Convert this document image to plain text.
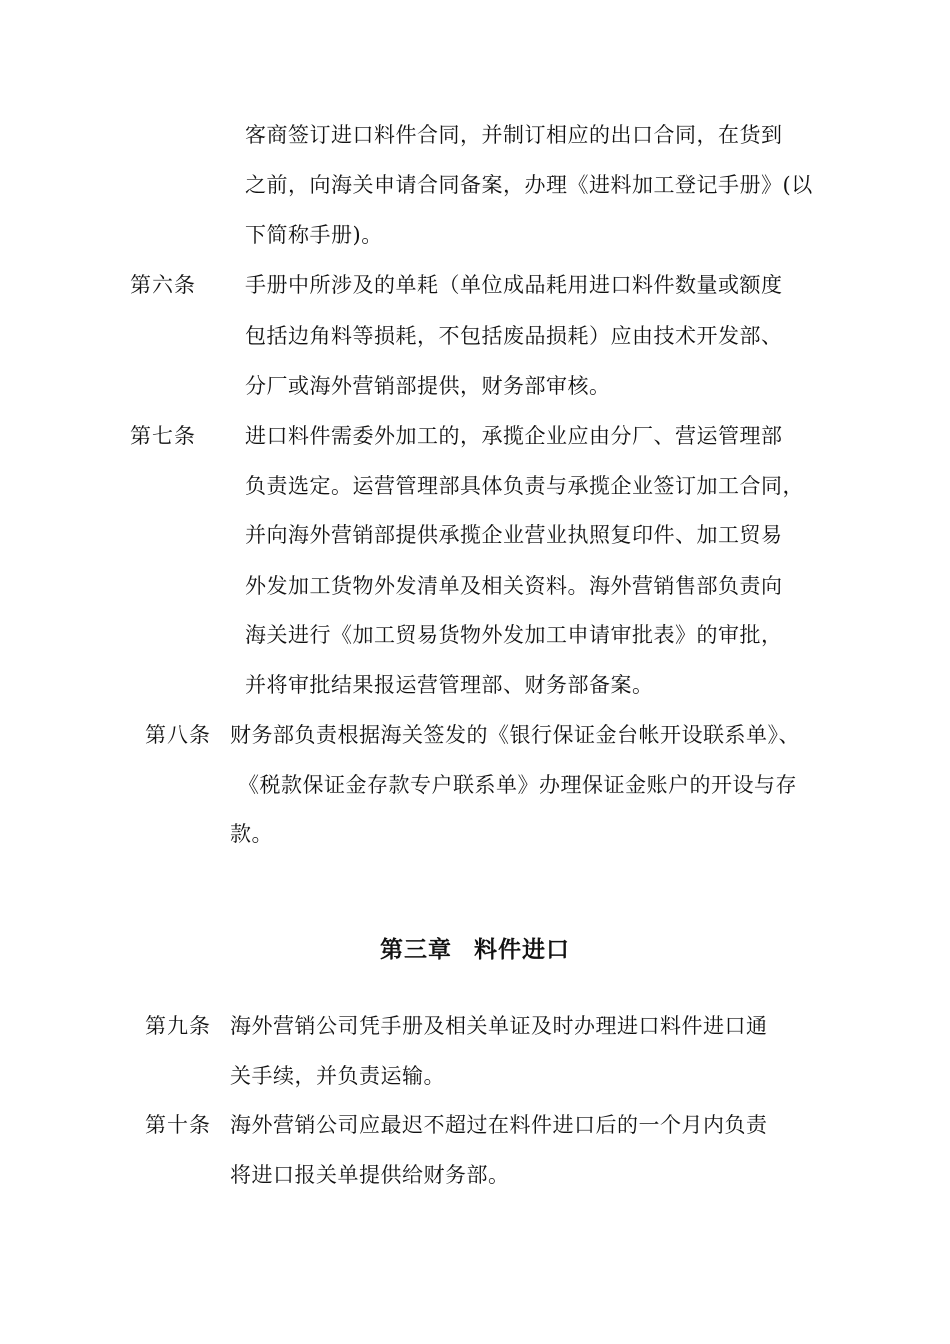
客商签订进口料件合同，并制订相应的出口合同，在货到
之前，向海关申请合同备案，办理《进料加工登记手册》(以
下简称手册)。
第六条 手册中所涉及的单耗（单位成品耗用进口料件数量或额度
包括边角料等损耗，不包括废品损耗）应由技术开发部、
分厂或海外营销部提供，财务部审核。
第七条 进口料件需委外加工的，承揽企业应由分厂、营运管理部
负责选定。运营管理部具体负责与承揽企业签订加工合同，
并向海外营销部提供承揽企业营业执照复印件、加工贸易
外发加工货物外发清单及相关资料。海外营销售部负责向
海关进行《加工贸易货物外发加工申请审批表》的审批，
并将审批结果报运营管理部、财务部备案。
第八条 财务部负责根据海关签发的《银行保证金台帐开设联系单》、
《税款保证金存款专户联系单》办理保证金账户的开设与存
款。
第三章 料件进口
第九条 海外营销公司凭手册及相关单证及时办理进口料件进口通
关手续，并负责运输。
第十条 海外营销公司应最迟不超过在料件进口后的一个月内负责
将进口报关单提供给财务部。
